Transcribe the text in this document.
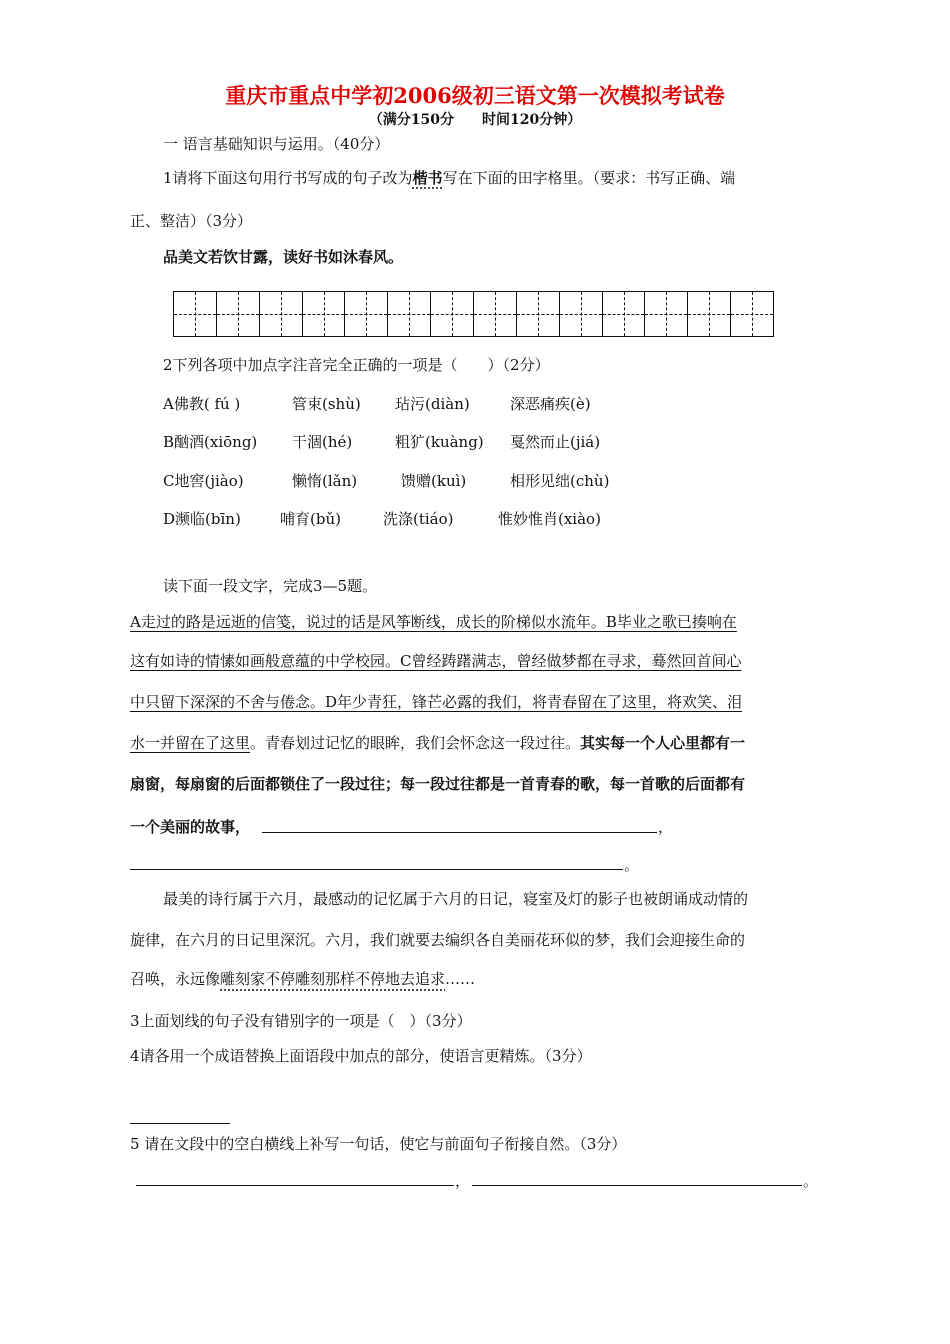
重庆市重点中学初2006级初三语文第一次模拟考试卷
（满分150分　　时间120分钟）
一 语言基础知识与运用。（40分）
1请将下面这句用行书写成的句子改为楷书写在下面的田字格里。（要求：书写正确、端
正、整洁）（3分）
品美文若饮甘露，读好书如沐春风。
2下列各项中加点字注音完全正确的一项是（　　）（2分）
A佛教( fú )	管束(shù) 玷污(diàn)	深恶痛疾(è)
B酗酒(xiōng) 干涸(hé)	粗犷(kuàng) 戛然而止(jiá)
C地窖(jiào)	懒惰(lǎn)	馈赠(kuì)	相形见绌(chù)
D濒临(bīn)	哺育(bǔ)	洗涤(tiáo)	惟妙惟肖(xiào)
读下面一段文字，完成3—5题。
A走过的路是远逝的信笺，说过的话是风筝断线，成长的阶梯似水流年。B毕业之歌已揍响在
这有如诗的情愫如画般意蕴的中学校园。C曾经踌躇满志，曾经做梦都在寻求，蓦然回首间心
中只留下深深的不舍与倦念。D年少青狂，锋芒必露的我们，将青春留在了这里，将欢笑、泪
水一并留在了这里。青春划过记忆的眼眸，我们会怀念这一段过往。其实每一个人心里都有一
扇窗，每扇窗的后面都锁住了一段过往；每一段过往都是一首青春的歌，每一首歌的后面都有
一个美丽的故事，	，
。
最美的诗行属于六月，最感动的记忆属于六月的日记，寝室及灯的影子也被朗诵成动情的
旋律，在六月的日记里深沉。六月，我们就要去编织各自美丽花环似的梦，我们会迎接生命的
召唤，永远像雕刻家不停雕刻那样不停地去追求……
3上面划线的句子没有错别字的一项是（　）（3分）
4请各用一个成语替换上面语段中加点的部分，使语言更精炼。（3分）
5 请在文段中的空白横线上补写一句话，使它与前面句子衔接自然。（3分）
，	。
